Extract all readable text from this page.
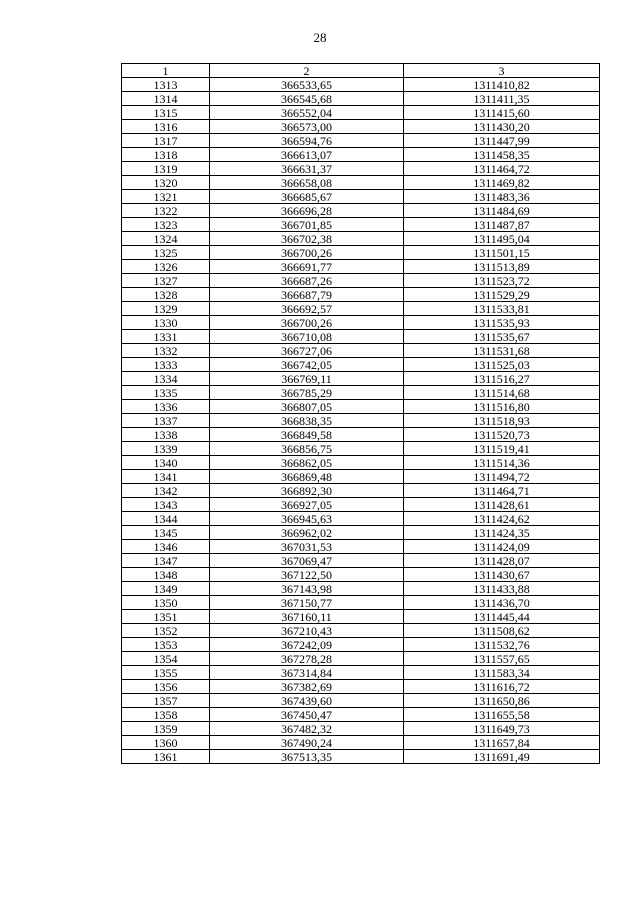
28
1	2	3
1313	366533,65	1311410,82
1314	366545,68	1311411,35
1315	366552,04	1311415,60
1316	366573,00	1311430,20
1317	366594,76	1311447,99
1318	366613,07	1311458,35
1319	366631,37	1311464,72
1320	366658,08	1311469,82
1321	366685,67	1311483,36
1322	366696,28	1311484,69
1323	366701,85	1311487,87
1324	366702,38	1311495,04
1325	366700,26	1311501,15
1326	366691,77	1311513,89
1327	366687,26	1311523,72
1328	366687,79	1311529,29
1329	366692,57	1311533,81
1330	366700,26	1311535,93
1331	366710,08	1311535,67
1332	366727,06	1311531,68
1333	366742,05	1311525,03
1334	366769,11	1311516,27
1335	366785,29	1311514,68
1336	366807,05	1311516,80
1337	366838,35	1311518,93
1338	366849,58	1311520,73
1339	366856,75	1311519,41
1340	366862,05	1311514,36
1341	366869,48	1311494,72
1342	366892,30	1311464,71
1343	366927,05	1311428,61
1344	366945,63	1311424,62
1345	366962,02	1311424,35
1346	367031,53	1311424,09
1347	367069,47	1311428,07
1348	367122,50	1311430,67
1349	367143,98	1311433,88
1350	367150,77	1311436,70
1351	367160,11	1311445,44
1352	367210,43	1311508,62
1353	367242,09	1311532,76
1354	367278,28	1311557,65
1355	367314,84	1311583,34
1356	367382,69	1311616,72
1357	367439,60	1311650,86
1358	367450,47	1311655,58
1359	367482,32	1311649,73
1360	367490,24	1311657,84
1361	367513,35	1311691,49
